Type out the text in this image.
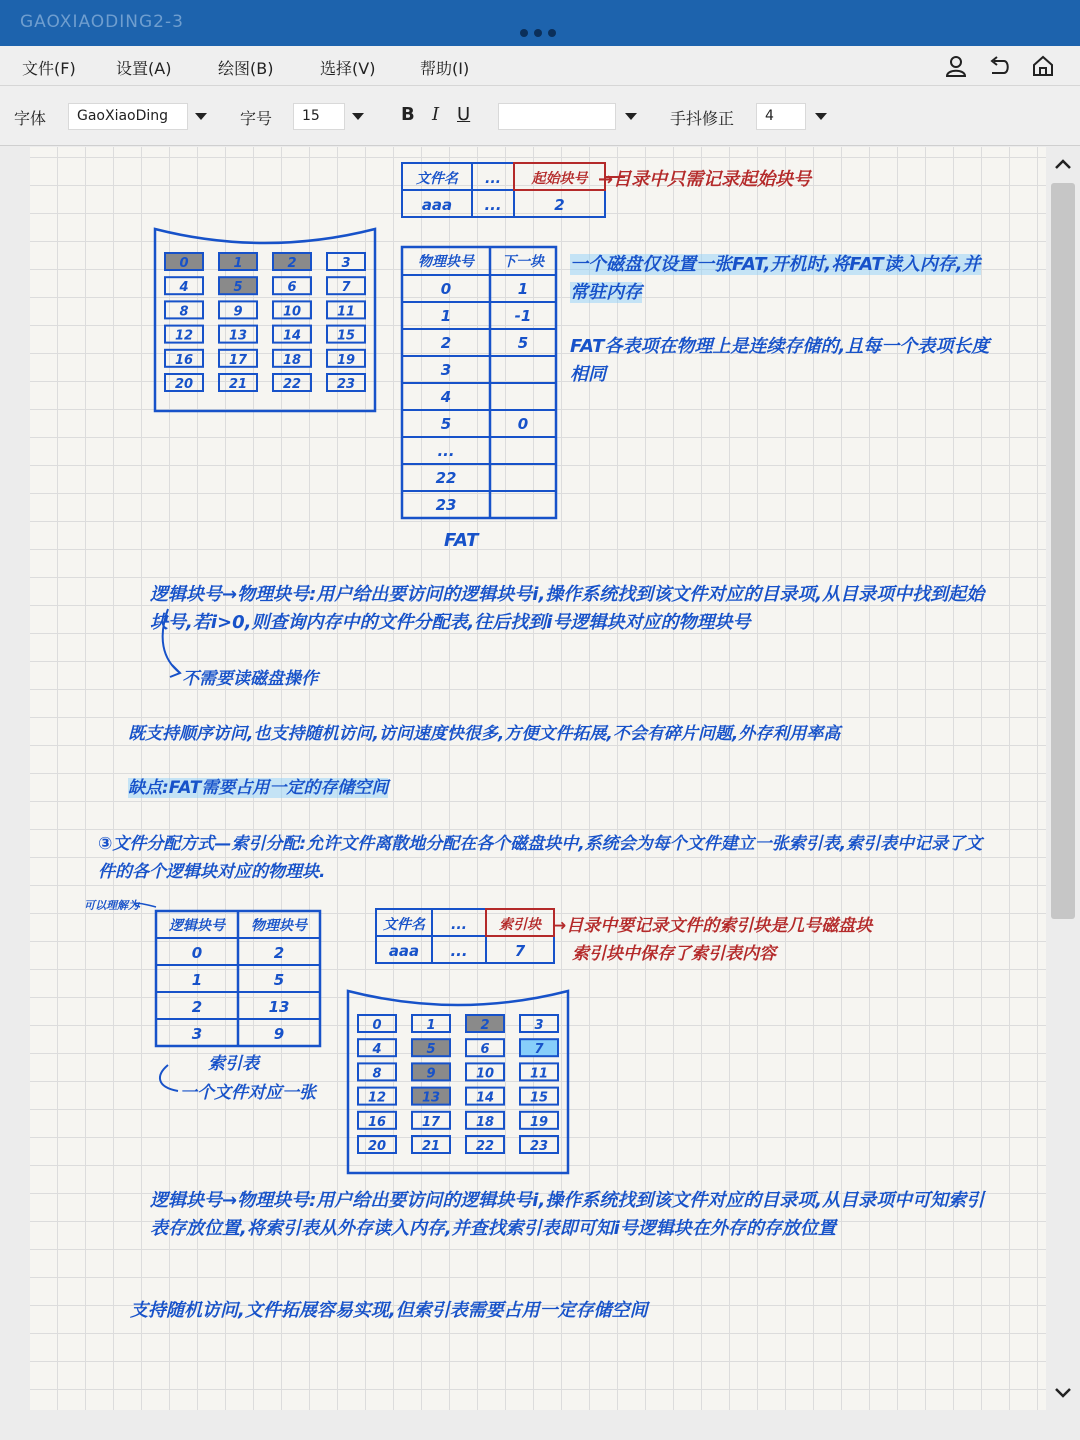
GAOXIAODING2-3
文件(F)	设置(A)	绘图(B)	选择(V)	帮助(I)
字体	GaoXiaoDing	字号	15	B I U	手抖修正	4
文件名 ... 起始块号
aaa ...	2
0	1	2	3
4	5	6	7
8	9	10	11
12	13	14	15
16	17	18	19
20	21	22	23
0	1	2	3
4	5	6	7
8	9	10	11
12	13	14	15
16	17	18	19
20	21	22	23
物理块号 下一块
0	1
1	-1
2	5
3
4
5	0
...
22
23
逻辑块号 物理块号
0	2
1	5
2	13
3	9
文件名 ... 索引块
aaa ...	7
→目录中只需记录起始块号
一个磁盘仅设置一张FAT,开机时,将FAT读入内存,并常驻内存
FAT各表项在物理上是连续存储的,且每一个表项长度相同
逻辑块号→物理块号:用户给出要访问的逻辑块号i,操作系统找到该文件对应的目录项,从目录项中找到起始块号,若i>0,则查询内存中的文件分配表,往后找到i号逻辑块对应的物理块号
不需要读磁盘操作
既支持顺序访问,也支持随机访问,访问速度快很多,方便文件拓展,不会有碎片问题,外存利用率高
缺点:FAT需要占用一定的存储空间
③文件分配方式—索引分配:允许文件离散地分配在各个磁盘块中,系统会为每个文件建立一张索引表,索引表中记录了文件的各个逻辑块对应的物理块.
可以理解为
索引表
一个文件对应一张
→目录中要记录文件的索引块是几号磁盘块
索引块中保存了索引表内容
逻辑块号→物理块号:用户给出要访问的逻辑块号i,操作系统找到该文件对应的目录项,从目录项中可知索引表存放位置,将索引表从外存读入内存,并查找索引表即可知i号逻辑块在外存的存放位置
支持随机访问,文件拓展容易实现,但索引表需要占用一定存储空间
FAT
